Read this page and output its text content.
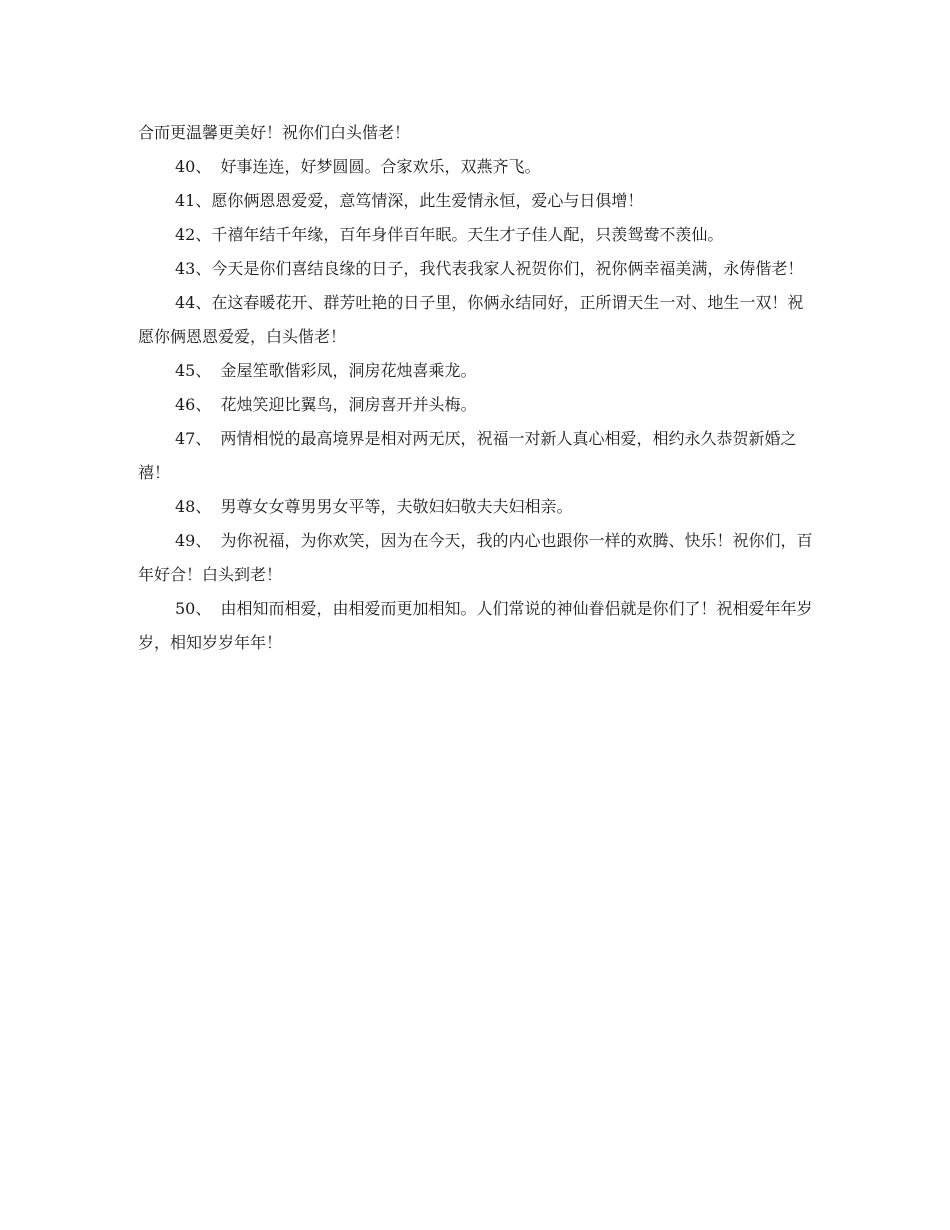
合而更温馨更美好！祝你们白头偕老！

40、 好事连连，好梦圆圆。合家欢乐，双燕齐飞。

41、愿你俩恩恩爱爱，意笃情深，此生爱情永恒，爱心与日俱增！

42、千禧年结千年缘，百年身伴百年眠。天生才子佳人配，只羡鸳鸯不羡仙。

43、今天是你们喜结良缘的日子，我代表我家人祝贺你们，祝你俩幸福美满，永俦偕老！

44、在这春暖花开、群芳吐艳的日子里，你俩永结同好，正所谓天生一对、地生一双！祝愿你俩恩恩爱爱，白头偕老！

45、 金屋笙歌偕彩凤，洞房花烛喜乘龙。

46、 花烛笑迎比翼鸟，洞房喜开并头梅。

47、 两情相悦的最高境界是相对两无厌，祝福一对新人真心相爱，相约永久恭贺新婚之禧！

48、 男尊女女尊男男女平等，夫敬妇妇敬夫夫妇相亲。

49、 为你祝福，为你欢笑，因为在今天，我的内心也跟你一样的欢腾、快乐！祝你们，百年好合！白头到老！

50、 由相知而相爱，由相爱而更加相知。人们常说的神仙眷侣就是你们了！祝相爱年年岁岁，相知岁岁年年！
